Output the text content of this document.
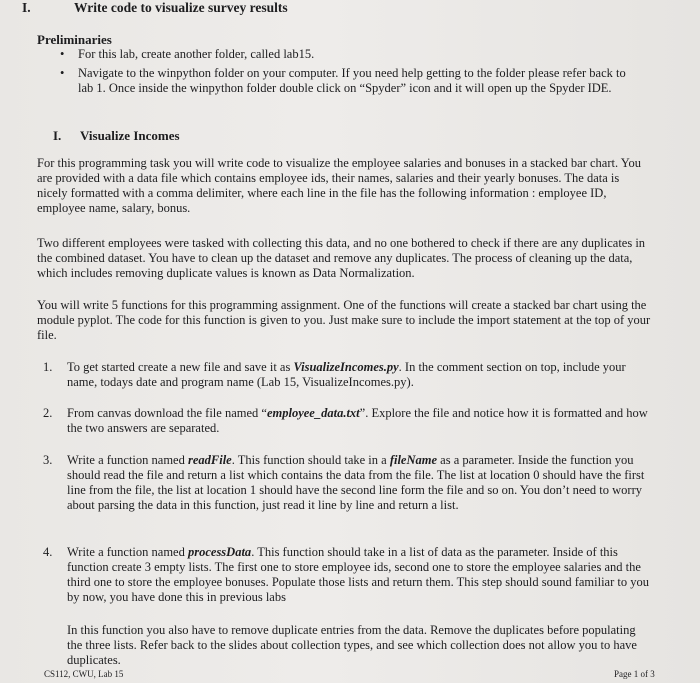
I.	Write code to visualize survey results
Preliminaries
• For this lab, create another folder, called lab15.
• Navigate to the winpython folder on your computer. If you need help getting to the folder please refer back to lab 1. Once inside the winpython folder double click on “Spyder” icon and it will open up the Spyder IDE.
I. Visualize Incomes
For this programming task you will write code to visualize the employee salaries and bonuses in a stacked bar chart. You are provided with a data file which contains employee ids, their names, salaries and their yearly bonuses. The data is nicely formatted with a comma delimiter, where each line in the file has the following information : employee ID, employee name, salary, bonus.
Two different employees were tasked with collecting this data, and no one bothered to check if there are any duplicates in the combined dataset. You have to clean up the dataset and remove any duplicates. The process of cleaning up the data, which includes removing duplicate values is known as Data Normalization.
You will write 5 functions for this programming assignment. One of the functions will create a stacked bar chart using the module pyplot. The code for this function is given to you. Just make sure to include the import statement at the top of your file.
1. To get started create a new file and save it as VisualizeIncomes.py. In the comment section on top, include your name, todays date and program name (Lab 15, VisualizeIncomes.py).
2. From canvas download the file named “employee_data.txt”. Explore the file and notice how it is formatted and how the two answers are separated.
3. Write a function named readFile. This function should take in a fileName as a parameter. Inside the function you should read the file and return a list which contains the data from the file. The list at location 0 should have the first line from the file, the list at location 1 should have the second line form the file and so on. You don’t need to worry about parsing the data in this function, just read it line by line and return a list.
4. Write a function named processData. This function should take in a list of data as the parameter. Inside of this function create 3 empty lists. The first one to store employee ids, second one to store the employee salaries and the third one to store the employee bonuses. Populate those lists and return them. This step should sound familiar to you by now, you have done this in previous labs
In this function you also have to remove duplicate entries from the data. Remove the duplicates before populating the three lists. Refer back to the slides about collection types, and see which collection does not allow you to have duplicates.
CS112, CWU, Lab 15	Page 1 of 3
